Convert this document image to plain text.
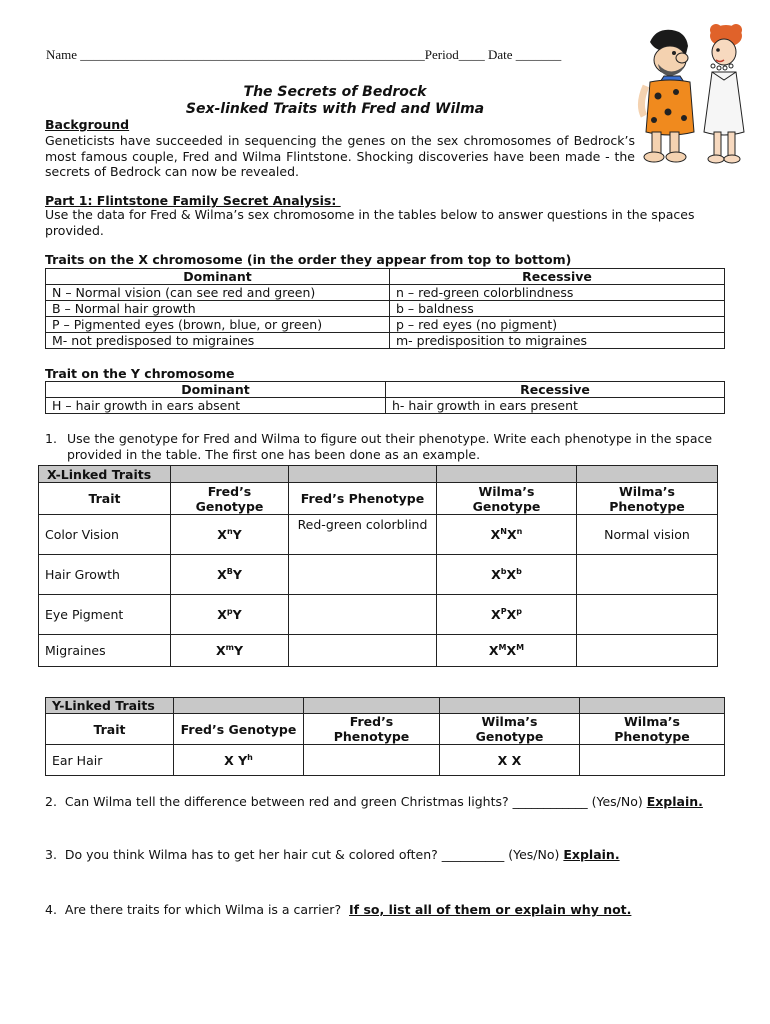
Name _____________________________________________________Period____ Date _______
The Secrets of Bedrock
Sex-linked Traits with Fred and Wilma
Background
Geneticists have succeeded in sequencing the genes on the sex chromosomes of Bedrock’s most famous couple, Fred and Wilma Flintstone. Shocking discoveries have been made - the secrets of Bedrock can now be revealed.
Part 1: Flintstone Family Secret Analysis:
Use the data for Fred & Wilma’s sex chromosome in the tables below to answer questions in the spaces provided.
Traits on the X chromosome (in the order they appear from top to bottom)
Dominant	Recessive
N – Normal vision (can see red and green)	n – red-green colorblindness
B – Normal hair growth	b – baldness
P – Pigmented eyes (brown, blue, or green)	p – red eyes (no pigment)
M- not predisposed to migraines	m- predisposition to migraines
Trait on the Y chromosome
Dominant	Recessive
H – hair growth in ears absent	h- hair growth in ears present
1. Use the genotype for Fred and Wilma to figure out their phenotype. Write each phenotype in the space provided in the table. The first one has been done as an example.
X-Linked Traits				
Trait	Fred’s Genotype	Fred’s Phenotype	Wilma’s Genotype	Wilma’s Phenotype
Color Vision	$X^nY$	Red-green colorblind	$X^NX^n$	Normal vision
Hair Growth	$X^BY$		$X^bX^b$	
Eye Pigment	$X^pY$		$X^PX^p$	
Migraines	$X^mY$		$X^MX^M$	
Y-Linked Traits				
Trait	Fred’s Genotype	Fred’s Phenotype	Wilma’s Genotype	Wilma’s Phenotype
Ear Hair	X $Y^h$		X X	
2. Can Wilma tell the difference between red and green Christmas lights? ____________ (Yes/No) Explain.
3. Do you think Wilma has to get her hair cut & colored often? __________ (Yes/No) Explain.
4. Are there traits for which Wilma is a carrier?  If so, list all of them or explain why not.
